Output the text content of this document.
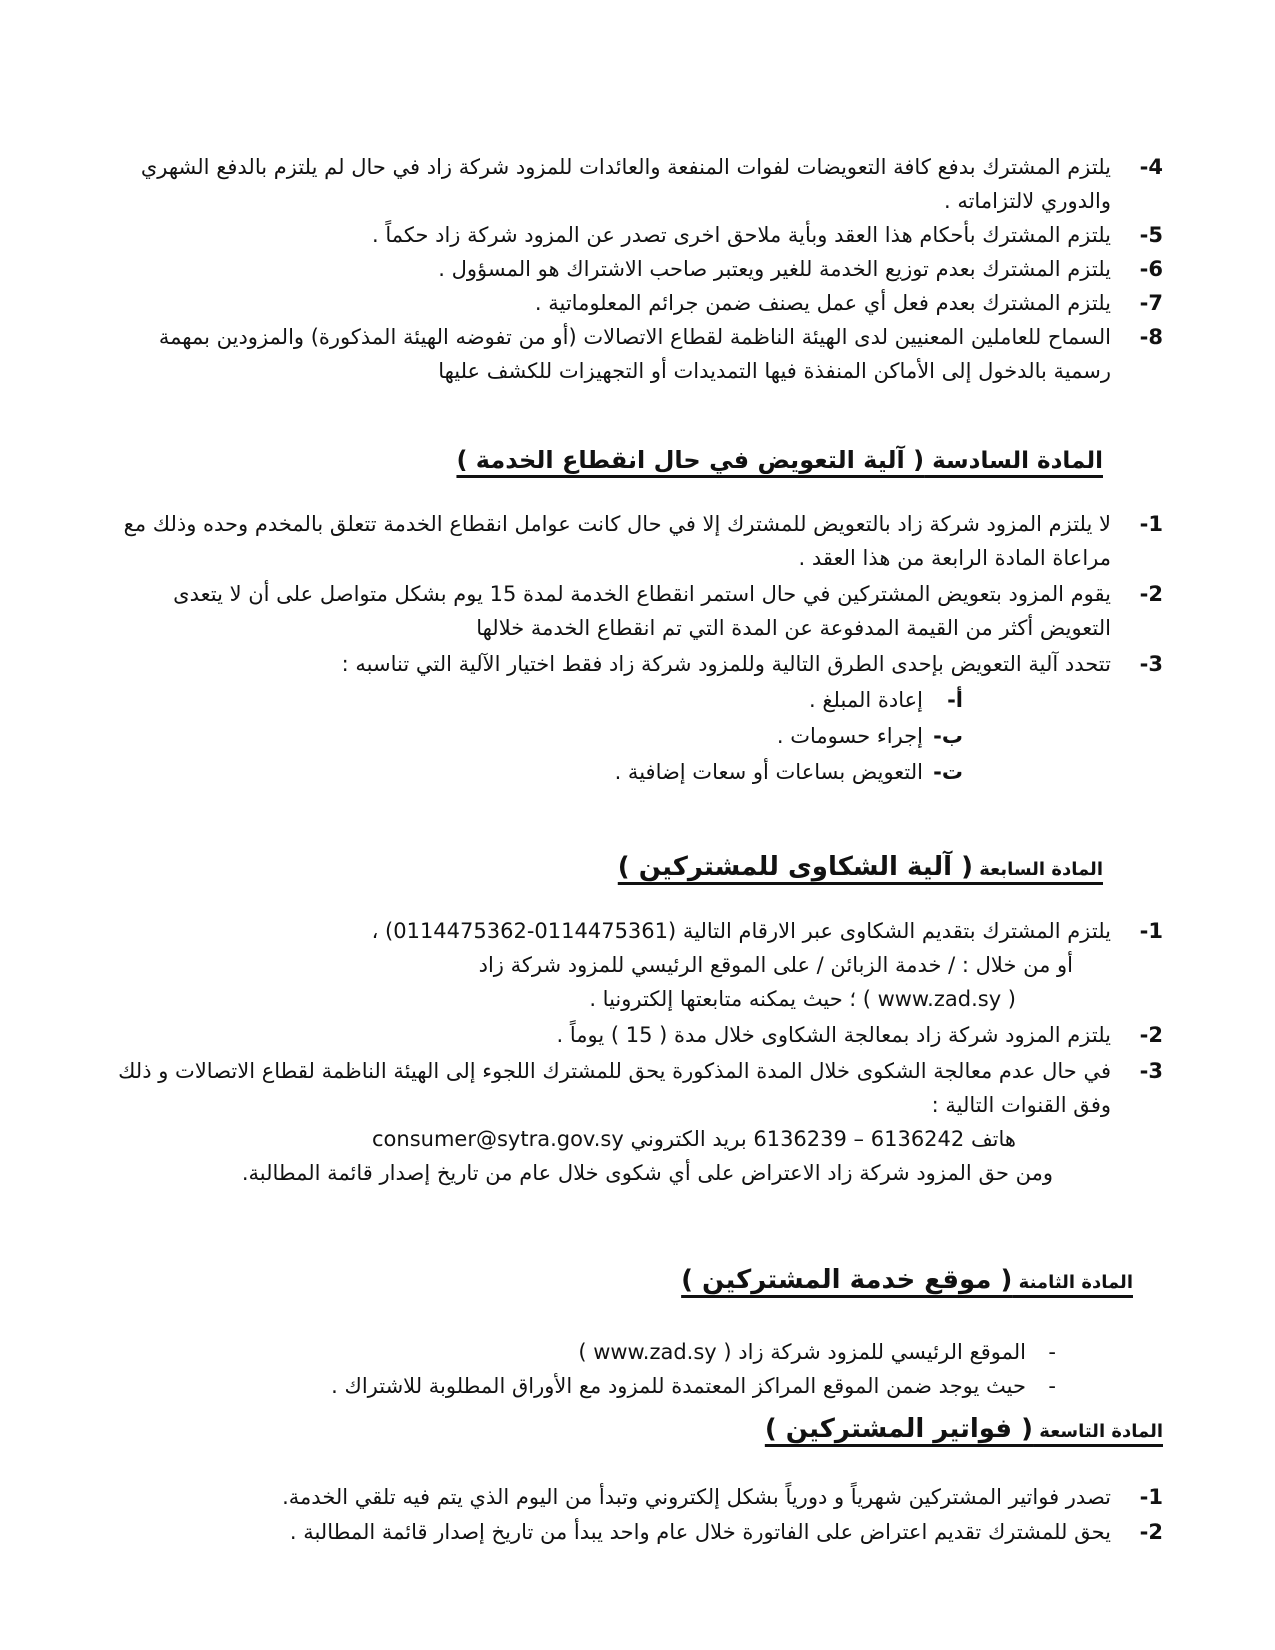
4-
يلتزم المشترك بدفع كافة التعويضات لفوات المنفعة والعائدات للمزود شركة زاد في حال لم يلتزم بالدفع الشهري والدوري لالتزاماته .
5-
يلتزم المشترك بأحكام هذا العقد وبأية ملاحق اخرى تصدر عن المزود شركة زاد حكماً .
6-
يلتزم المشترك بعدم توزيع الخدمة للغير ويعتبر صاحب الاشتراك هو المسؤول .
7-
يلتزم المشترك بعدم فعل أي عمل يصنف ضمن جرائم المعلوماتية .
8-
السماح للعاملين المعنيين لدى الهيئة الناظمة لقطاع الاتصالات (أو من تفوضه الهيئة المذكورة) والمزودين بمهمة رسمية بالدخول إلى الأماكن المنفذة فيها التمديدات أو التجهيزات للكشف عليها
المادة السادسة ( آلية التعويض في حال انقطاع الخدمة )
1-
لا يلتزم المزود شركة زاد بالتعويض للمشترك إلا في حال كانت عوامل انقطاع الخدمة تتعلق بالمخدم وحده وذلك مع مراعاة المادة الرابعة من هذا العقد .
2-
يقوم المزود بتعويض المشتركين في حال استمر انقطاع الخدمة لمدة 15 يوم بشكل متواصل على أن لا يتعدى التعويض أكثر من القيمة المدفوعة عن المدة التي تم انقطاع الخدمة خلالها
3-
تتحدد آلية التعويض بإحدى الطرق التالية وللمزود شركة زاد فقط اختيار الآلية التي تناسبه :
أ-
إعادة المبلغ .
ب-
إجراء حسومات .
ت-
التعويض بساعات أو سعات إضافية .
المادة السابعة ( آلية الشكاوى للمشتركين )
1-
يلتزم المشترك بتقديم الشكاوى عبر الارقام التالية (0114475361-0114475362) ،
أو من خلال : / خدمة الزبائن / على الموقع الرئيسي للمزود شركة زاد
( www.zad.sy ) ؛ حيث يمكنه متابعتها إلكترونيا .
2-
يلتزم المزود شركة زاد بمعالجة الشكاوى خلال مدة ( 15 ) يوماً .
3-
في حال عدم معالجة الشكوى خلال المدة المذكورة يحق للمشترك اللجوء إلى الهيئة الناظمة لقطاع الاتصالات و ذلك وفق القنوات التالية :
هاتف 6136242 – 6136239 بريد الكتروني consumer@sytra.gov.sy
ومن حق المزود شركة زاد الاعتراض على أي شكوى خلال عام من تاريخ إصدار قائمة المطالبة.
المادة الثامنة ( موقع خدمة المشتركين )
-
الموقع الرئيسي للمزود شركة زاد ( www.zad.sy )
-
حيث يوجد ضمن الموقع المراكز المعتمدة للمزود مع الأوراق المطلوبة للاشتراك .
المادة التاسعة ( فواتير المشتركين )
1-
تصدر فواتير المشتركين شهرياً و دورياً بشكل إلكتروني وتبدأ من اليوم الذي يتم فيه تلقي الخدمة.
2-
يحق للمشترك تقديم اعتراض على الفاتورة خلال عام واحد يبدأ من تاريخ إصدار قائمة المطالبة .
